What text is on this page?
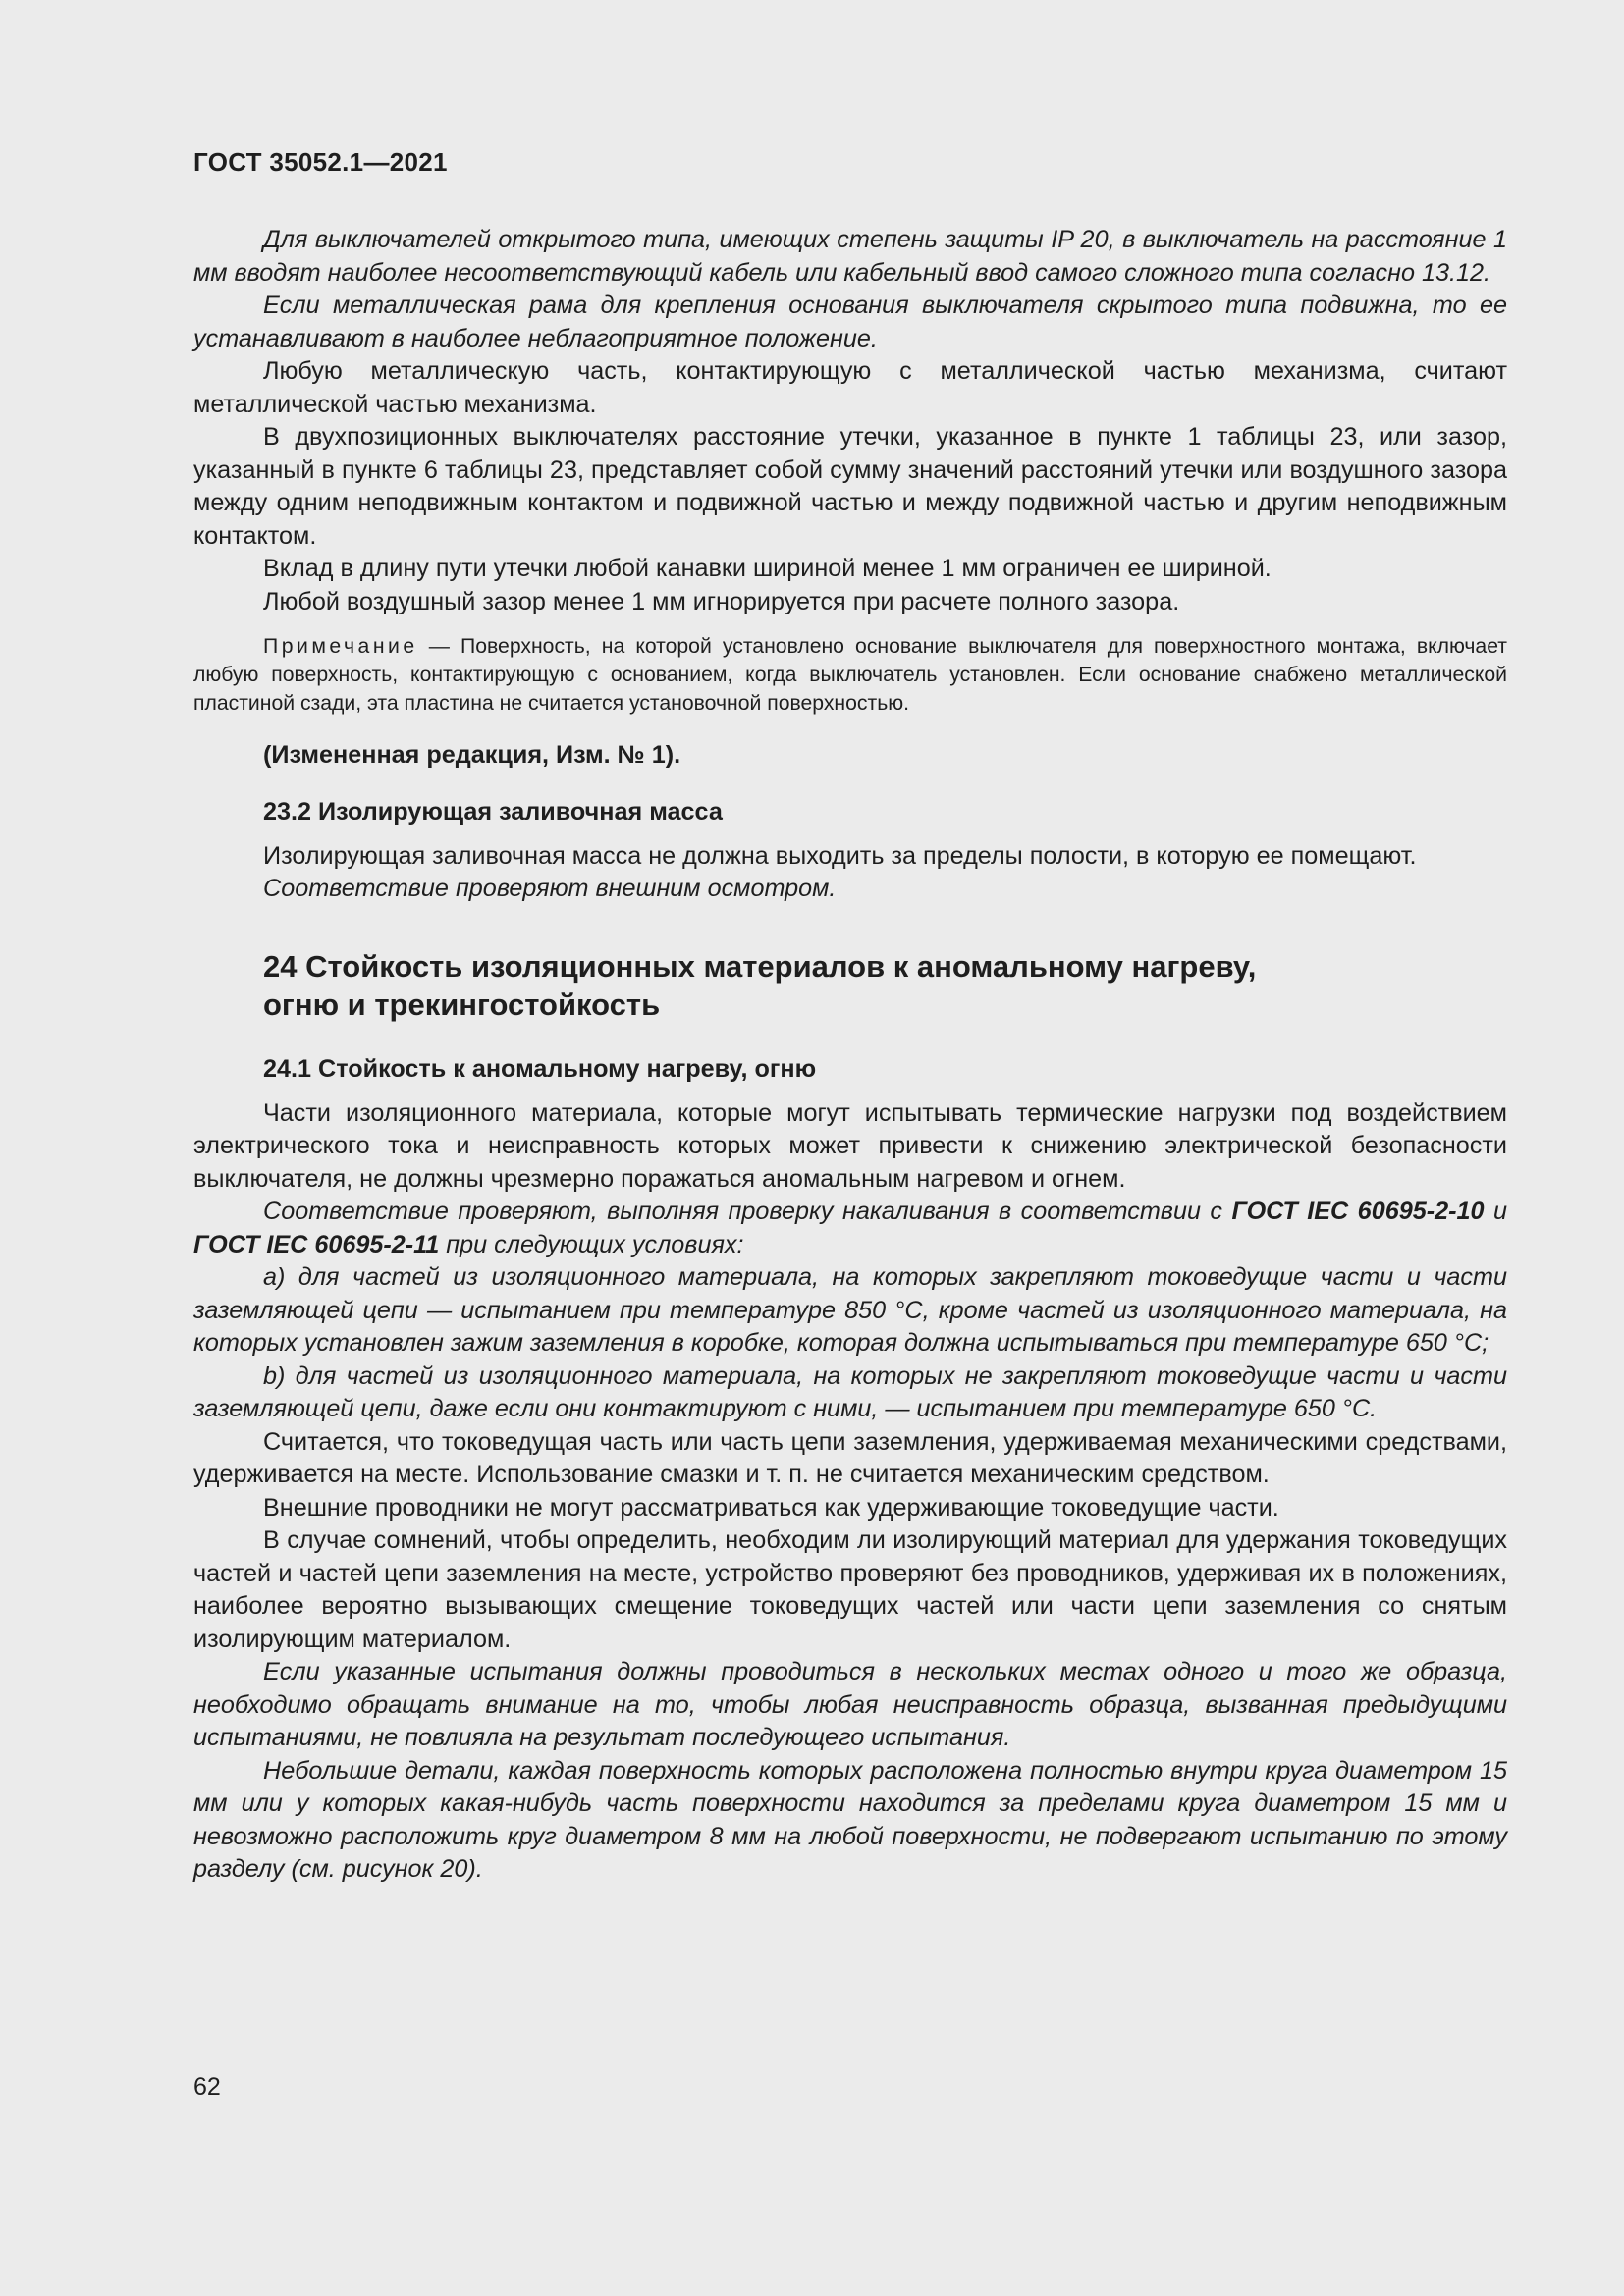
ГОСТ 35052.1—2021

Для выключателей открытого типа, имеющих степень защиты IP 20, в выключатель на расстояние 1 мм вводят наиболее несоответствующий кабель или кабельный ввод самого сложного типа согласно 13.12.

Если металлическая рама для крепления основания выключателя скрытого типа подвижна, то ее устанавливают в наиболее неблагоприятное положение.

Любую металлическую часть, контактирующую с металлической частью механизма, считают металлической частью механизма.

В двухпозиционных выключателях расстояние утечки, указанное в пункте 1 таблицы 23, или зазор, указанный в пункте 6 таблицы 23, представляет собой сумму значений расстояний утечки или воздушного зазора между одним неподвижным контактом и подвижной частью и между подвижной частью и другим неподвижным контактом.

Вклад в длину пути утечки любой канавки шириной менее 1 мм ограничен ее шириной.

Любой воздушный зазор менее 1 мм игнорируется при расчете полного зазора.

Примечание — Поверхность, на которой установлено основание выключателя для поверхностного монтажа, включает любую поверхность, контактирующую с основанием, когда выключатель установлен. Если основание снабжено металлической пластиной сзади, эта пластина не считается установочной поверхностью.

(Измененная редакция, Изм. № 1).

23.2 Изолирующая заливочная масса

Изолирующая заливочная масса не должна выходить за пределы полости, в которую ее помещают.

Соответствие проверяют внешним осмотром.

24 Стойкость изоляционных материалов к аномальному нагреву,
огню и трекингостойкость
24.1 Стойкость к аномальному нагреву, огню

Части изоляционного материала, которые могут испытывать термические нагрузки под воздействием электрического тока и неисправность которых может привести к снижению электрической безопасности выключателя, не должны чрезмерно поражаться аномальным нагревом и огнем.

Соответствие проверяют, выполняя проверку накаливания в соответствии с ГОСТ IEC 60695-2-10 и ГОСТ IEC 60695-2-11 при следующих условиях:

a) для частей из изоляционного материала, на которых закрепляют токоведущие части и части заземляющей цепи — испытанием при температуре 850 °С, кроме частей из изоляционного материала, на которых установлен зажим заземления в коробке, которая должна испытываться при температуре 650 °С;

b) для частей из изоляционного материала, на которых не закрепляют токоведущие части и части заземляющей цепи, даже если они контактируют с ними, — испытанием при температуре 650 °С.

Считается, что токоведущая часть или часть цепи заземления, удерживаемая механическими средствами, удерживается на месте. Использование смазки и т. п. не считается механическим средством.

Внешние проводники не могут рассматриваться как удерживающие токоведущие части.

В случае сомнений, чтобы определить, необходим ли изолирующий материал для удержания токоведущих частей и частей цепи заземления на месте, устройство проверяют без проводников, удерживая их в положениях, наиболее вероятно вызывающих смещение токоведущих частей или части цепи заземления со снятым изолирующим материалом.

Если указанные испытания должны проводиться в нескольких местах одного и того же образца, необходимо обращать внимание на то, чтобы любая неисправность образца, вызванная предыдущими испытаниями, не повлияла на результат последующего испытания.

Небольшие детали, каждая поверхность которых расположена полностью внутри круга диаметром 15 мм или у которых какая-нибудь часть поверхности находится за пределами круга диаметром 15 мм и невозможно расположить круг диаметром 8 мм на любой поверхности, не подвергают испытанию по этому разделу (см. рисунок 20).

62
